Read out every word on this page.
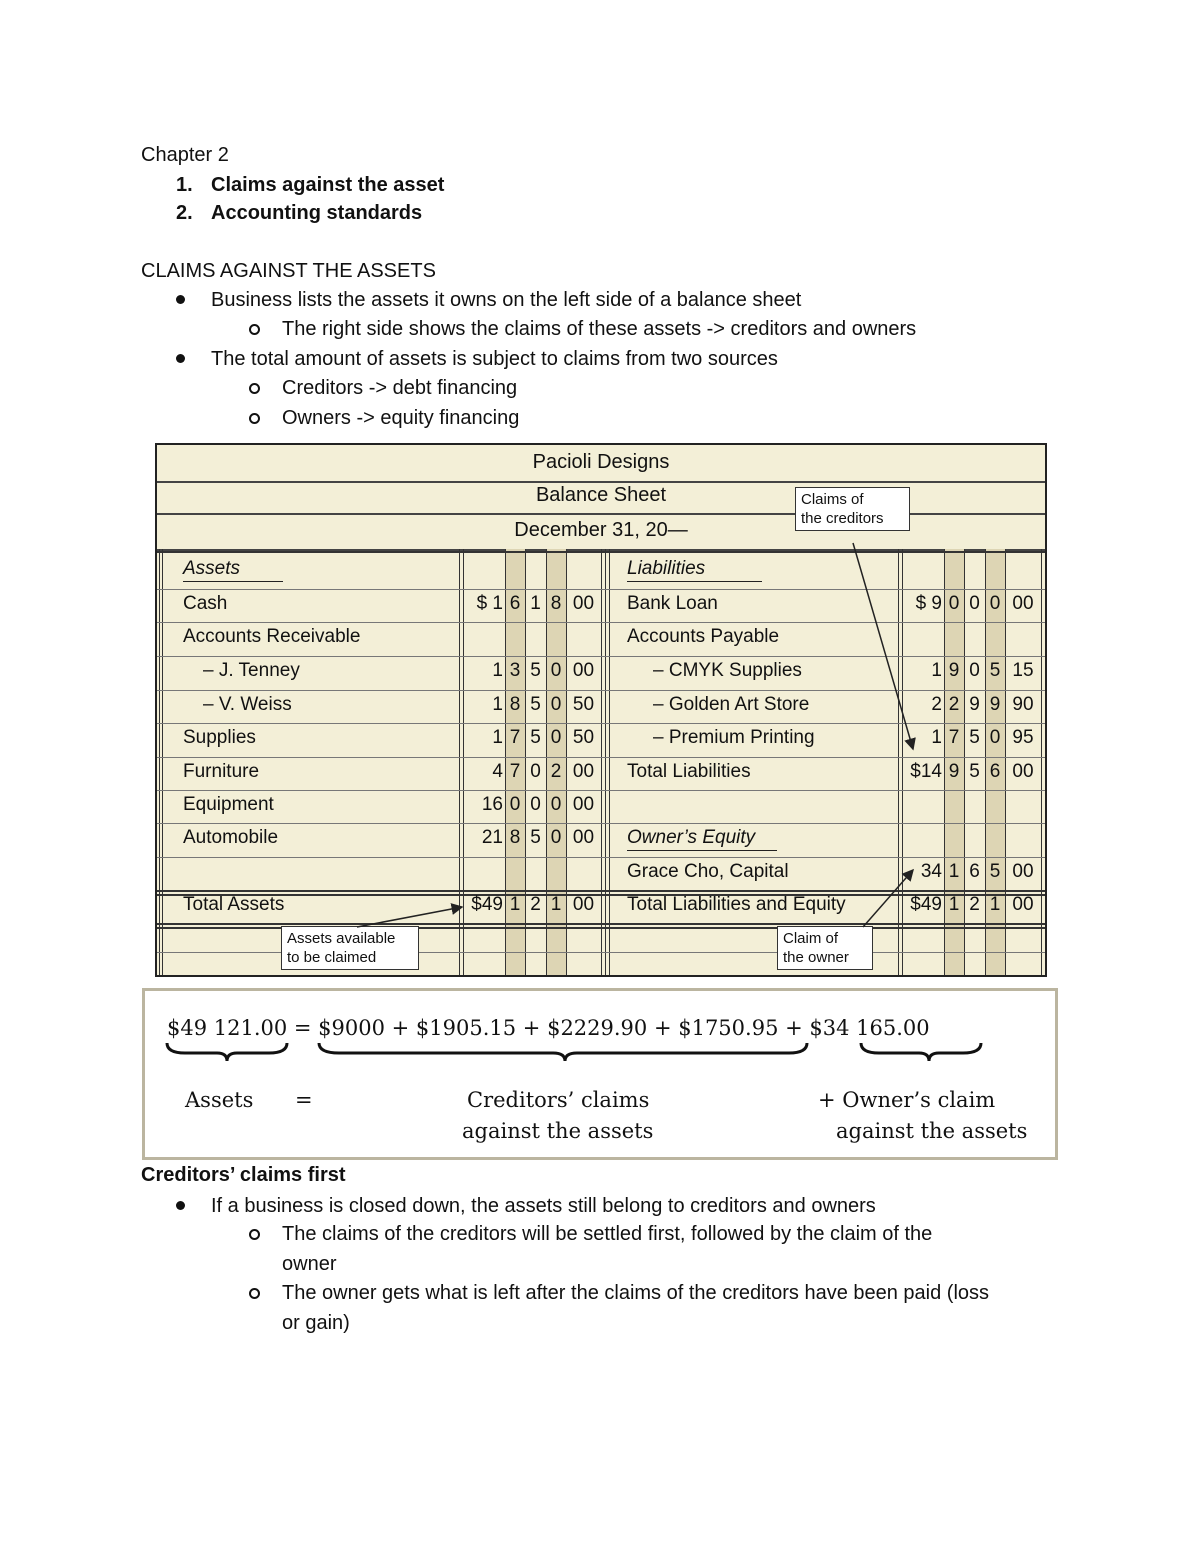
Chapter 2
1. Claims against the asset
2. Accounting standards
CLAIMS AGAINST THE ASSETS
Business lists the assets it owns on the left side of a balance sheet
The right side shows the claims of these assets -> creditors and owners
The total amount of assets is subject to claims from two sources
Creditors -> debt financing
Owners -> equity financing
Pacioli Designs
Balance Sheet
December 31, 20—
Assets	Liabilities
Cash
Accounts Receivable
– J. Tenney
– V. Weiss
Supplies
Furniture
Equipment
Automobile
Total Assets
Bank Loan
Accounts Payable
– CMYK Supplies
– Golden Art Store
– Premium Printing
Total Liabilities
Owner’s Equity
Grace Cho, Capital
Total Liabilities and Equity
$ 1 6 1 8 00
1 3 5 0 00
1 8 5 0 50
1 7 5 0 50
4 7 0 2 00
16 0 0 0 00
21 8 5 0 00
$49 1 2 1 00
$ 9 0 0 0 00
1 9 0 5 15
2 2 9 9 90
1 7 5 0 95
$14 9 5 6 00
34 1 6 5 00
$49 1 2 1 00
Claims of
the creditors
Assets available
to be claimed
Claim of
the owner
$49 121.00 = $9000 + $1905.15 + $2229.90 + $1750.95 + $34 165.00
Assets =	Creditors’ claims
against the assets
+ Owner’s claim
against the assets
Creditors’ claims first
If a business is closed down, the assets still belong to creditors and owners
The claims of the creditors will be settled first, followed by the claim of the
owner
The owner gets what is left after the claims of the creditors have been paid (loss
or gain)
